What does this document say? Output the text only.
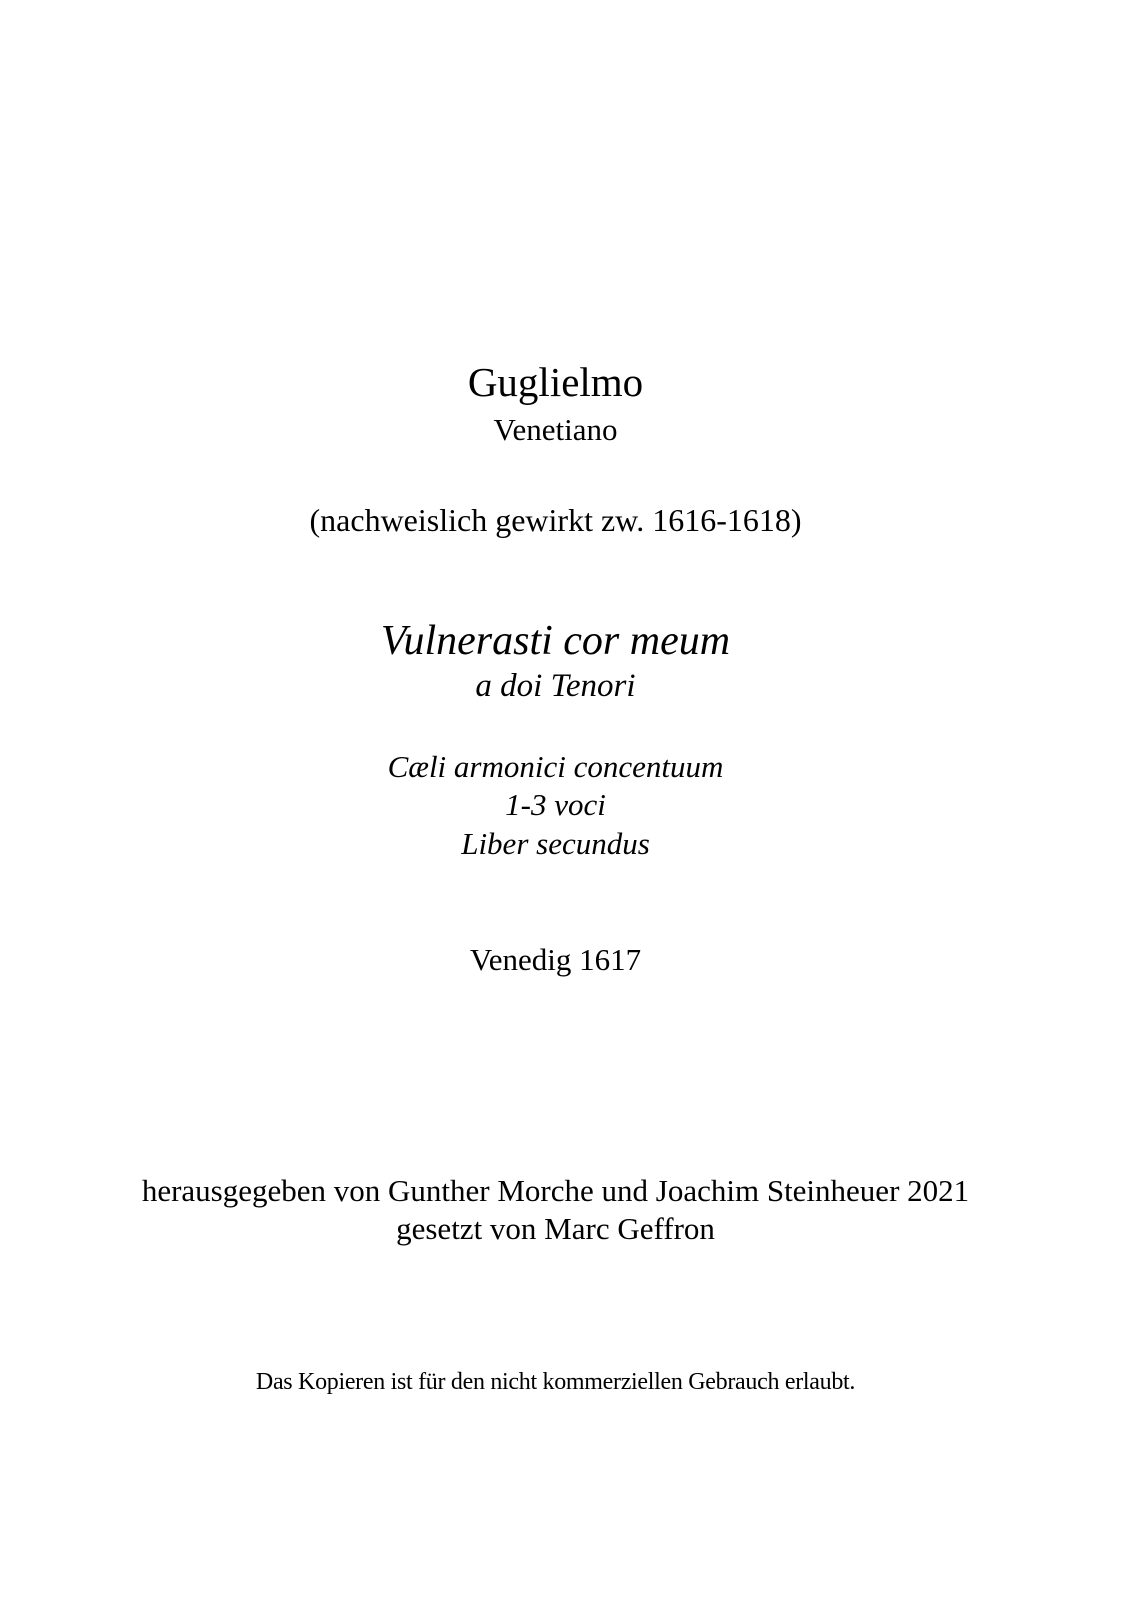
Guglielmo
Venetiano
(nachweislich gewirkt zw. 1616-1618)
Vulnerasti cor meum
a doi Tenori
Cæli armonici concentuum
1-3 voci
Liber secundus
Venedig 1617
herausgegeben von Gunther Morche und Joachim Steinheuer 2021
gesetzt von Marc Geffron
Das Kopieren ist für den nicht kommerziellen Gebrauch erlaubt.
